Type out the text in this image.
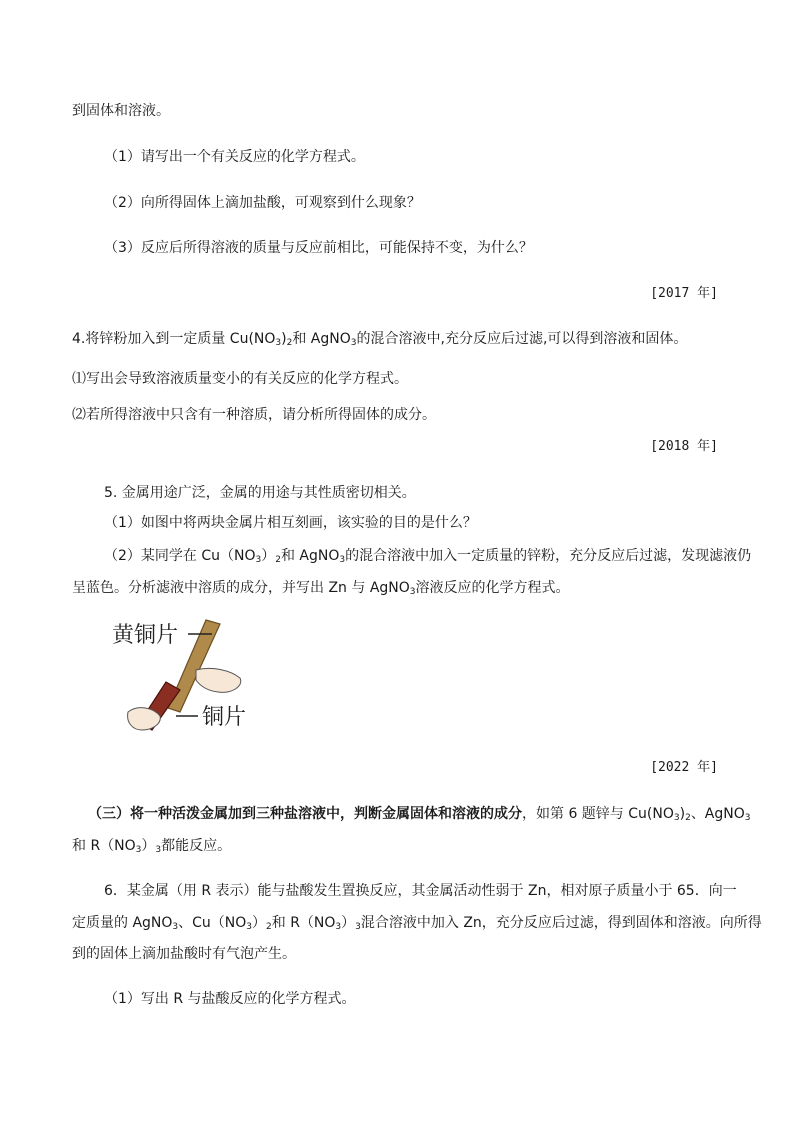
到固体和溶液。
（1）请写出一个有关反应的化学方程式。
（2）向所得固体上滴加盐酸，可观察到什么现象？
（3）反应后所得溶液的质量与反应前相比，可能保持不变，为什么？
[2017 年]
4.将锌粉加入到一定质量 $Cu(NO_3)_2$和 AgNO$_3$的混合溶液中,充分反应后过滤,可以得到溶液和固体。
⑴写出会导致溶液质量变小的有关反应的化学方程式。
⑵若所得溶液中只含有一种溶质，请分析所得固体的成分。
[2018 年]
5. 金属用途广泛，金属的用途与其性质密切相关。
（1）如图中将两块金属片相互刻画，该实验的目的是什么？
（2）某同学在 $Cu(NO_3)_2$和 AgNO$_3$的混合溶液中加入一定质量的锌粉，充分反应后过滤，发现滤液仍
呈蓝色。分析滤液中溶质的成分，并写出 Zn 与 AgNO$_3$溶液反应的化学方程式。
黄铜片
铜片
[2022 年]
（三）将一种活泼金属加到三种盐溶液中，判断金属固体和溶液的成分，如第 6 题锌与 $Cu(NO_3)_2$、AgNO$_3$
和 $R(NO_3)_3$都能反应。
6．某金属（用 R 表示）能与盐酸发生置换反应，其金属活动性弱于 Zn，相对原子质量小于 65．向一
定质量的 AgNO$_3$、$Cu(NO_3)_2$和 $R(NO_3)_3$混合溶液中加入 Zn，充分反应后过滤，得到固体和溶液。向所得
到的固体上滴加盐酸时有气泡产生。
（1）写出 R 与盐酸反应的化学方程式。
